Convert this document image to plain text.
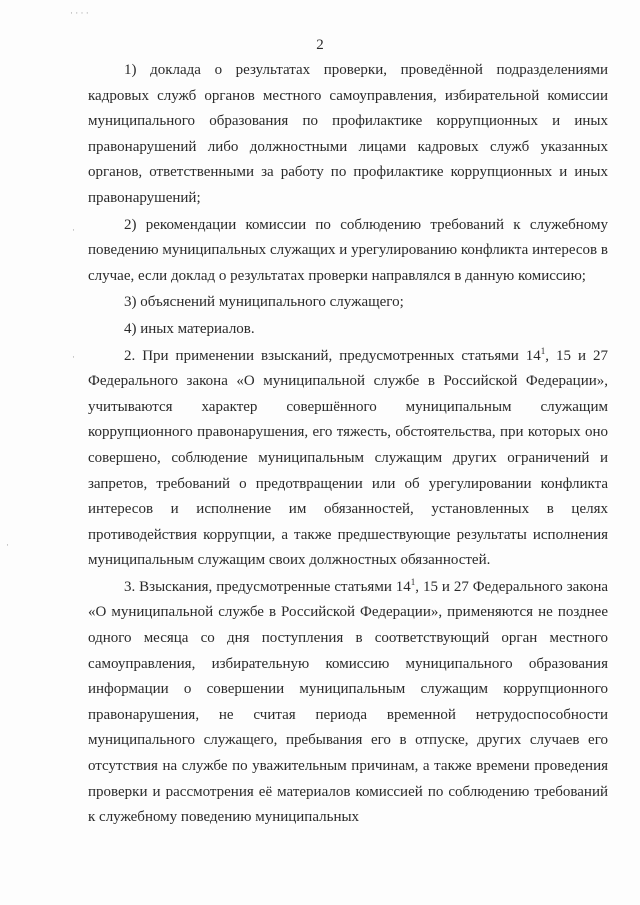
· · · ·
·
·
·
2

1) доклада о результатах проверки, проведённой подразделениями кадровых служб органов местного самоуправления, избирательной комиссии муниципального образования по профилактике коррупционных и иных правонарушений либо должностными лицами кадровых служб указанных органов, ответственными за работу по профилактике коррупционных и иных правонарушений;

2) рекомендации комиссии по соблюдению требований к служебному поведению муниципальных служащих и урегулированию конфликта интересов в случае, если доклад о результатах проверки направлялся в данную комиссию;

3) объяснений муниципального служащего;

4) иных материалов.

2. При применении взысканий, предусмотренных статьями $14^1$, 15 и 27 Федерального закона «О муниципальной службе в Российской Федерации», учитываются характер совершённого муниципальным служащим коррупционного правонарушения, его тяжесть, обстоятельства, при которых оно совершено, соблюдение муниципальным служащим других ограничений и запретов, требований о предотвращении или об урегулировании конфликта интересов и исполнение им обязанностей, установленных в целях противодействия коррупции, а также предшествующие результаты исполнения муниципальным служащим своих должностных обязанностей.

3. Взыскания, предусмотренные статьями $14^1$, 15 и 27 Федерального закона «О муниципальной службе в Российской Федерации», применяются не позднее одного месяца со дня поступления в соответствующий орган местного самоуправления, избирательную комиссию муниципального образования информации о совершении муниципальным служащим коррупционного правонарушения, не считая периода временной нетрудоспособности муниципального служащего, пребывания его в отпуске, других случаев его отсутствия на службе по уважительным причинам, а также времени проведения проверки и рассмотрения её материалов комиссией по соблюдению требований к служебному поведению муниципальных
